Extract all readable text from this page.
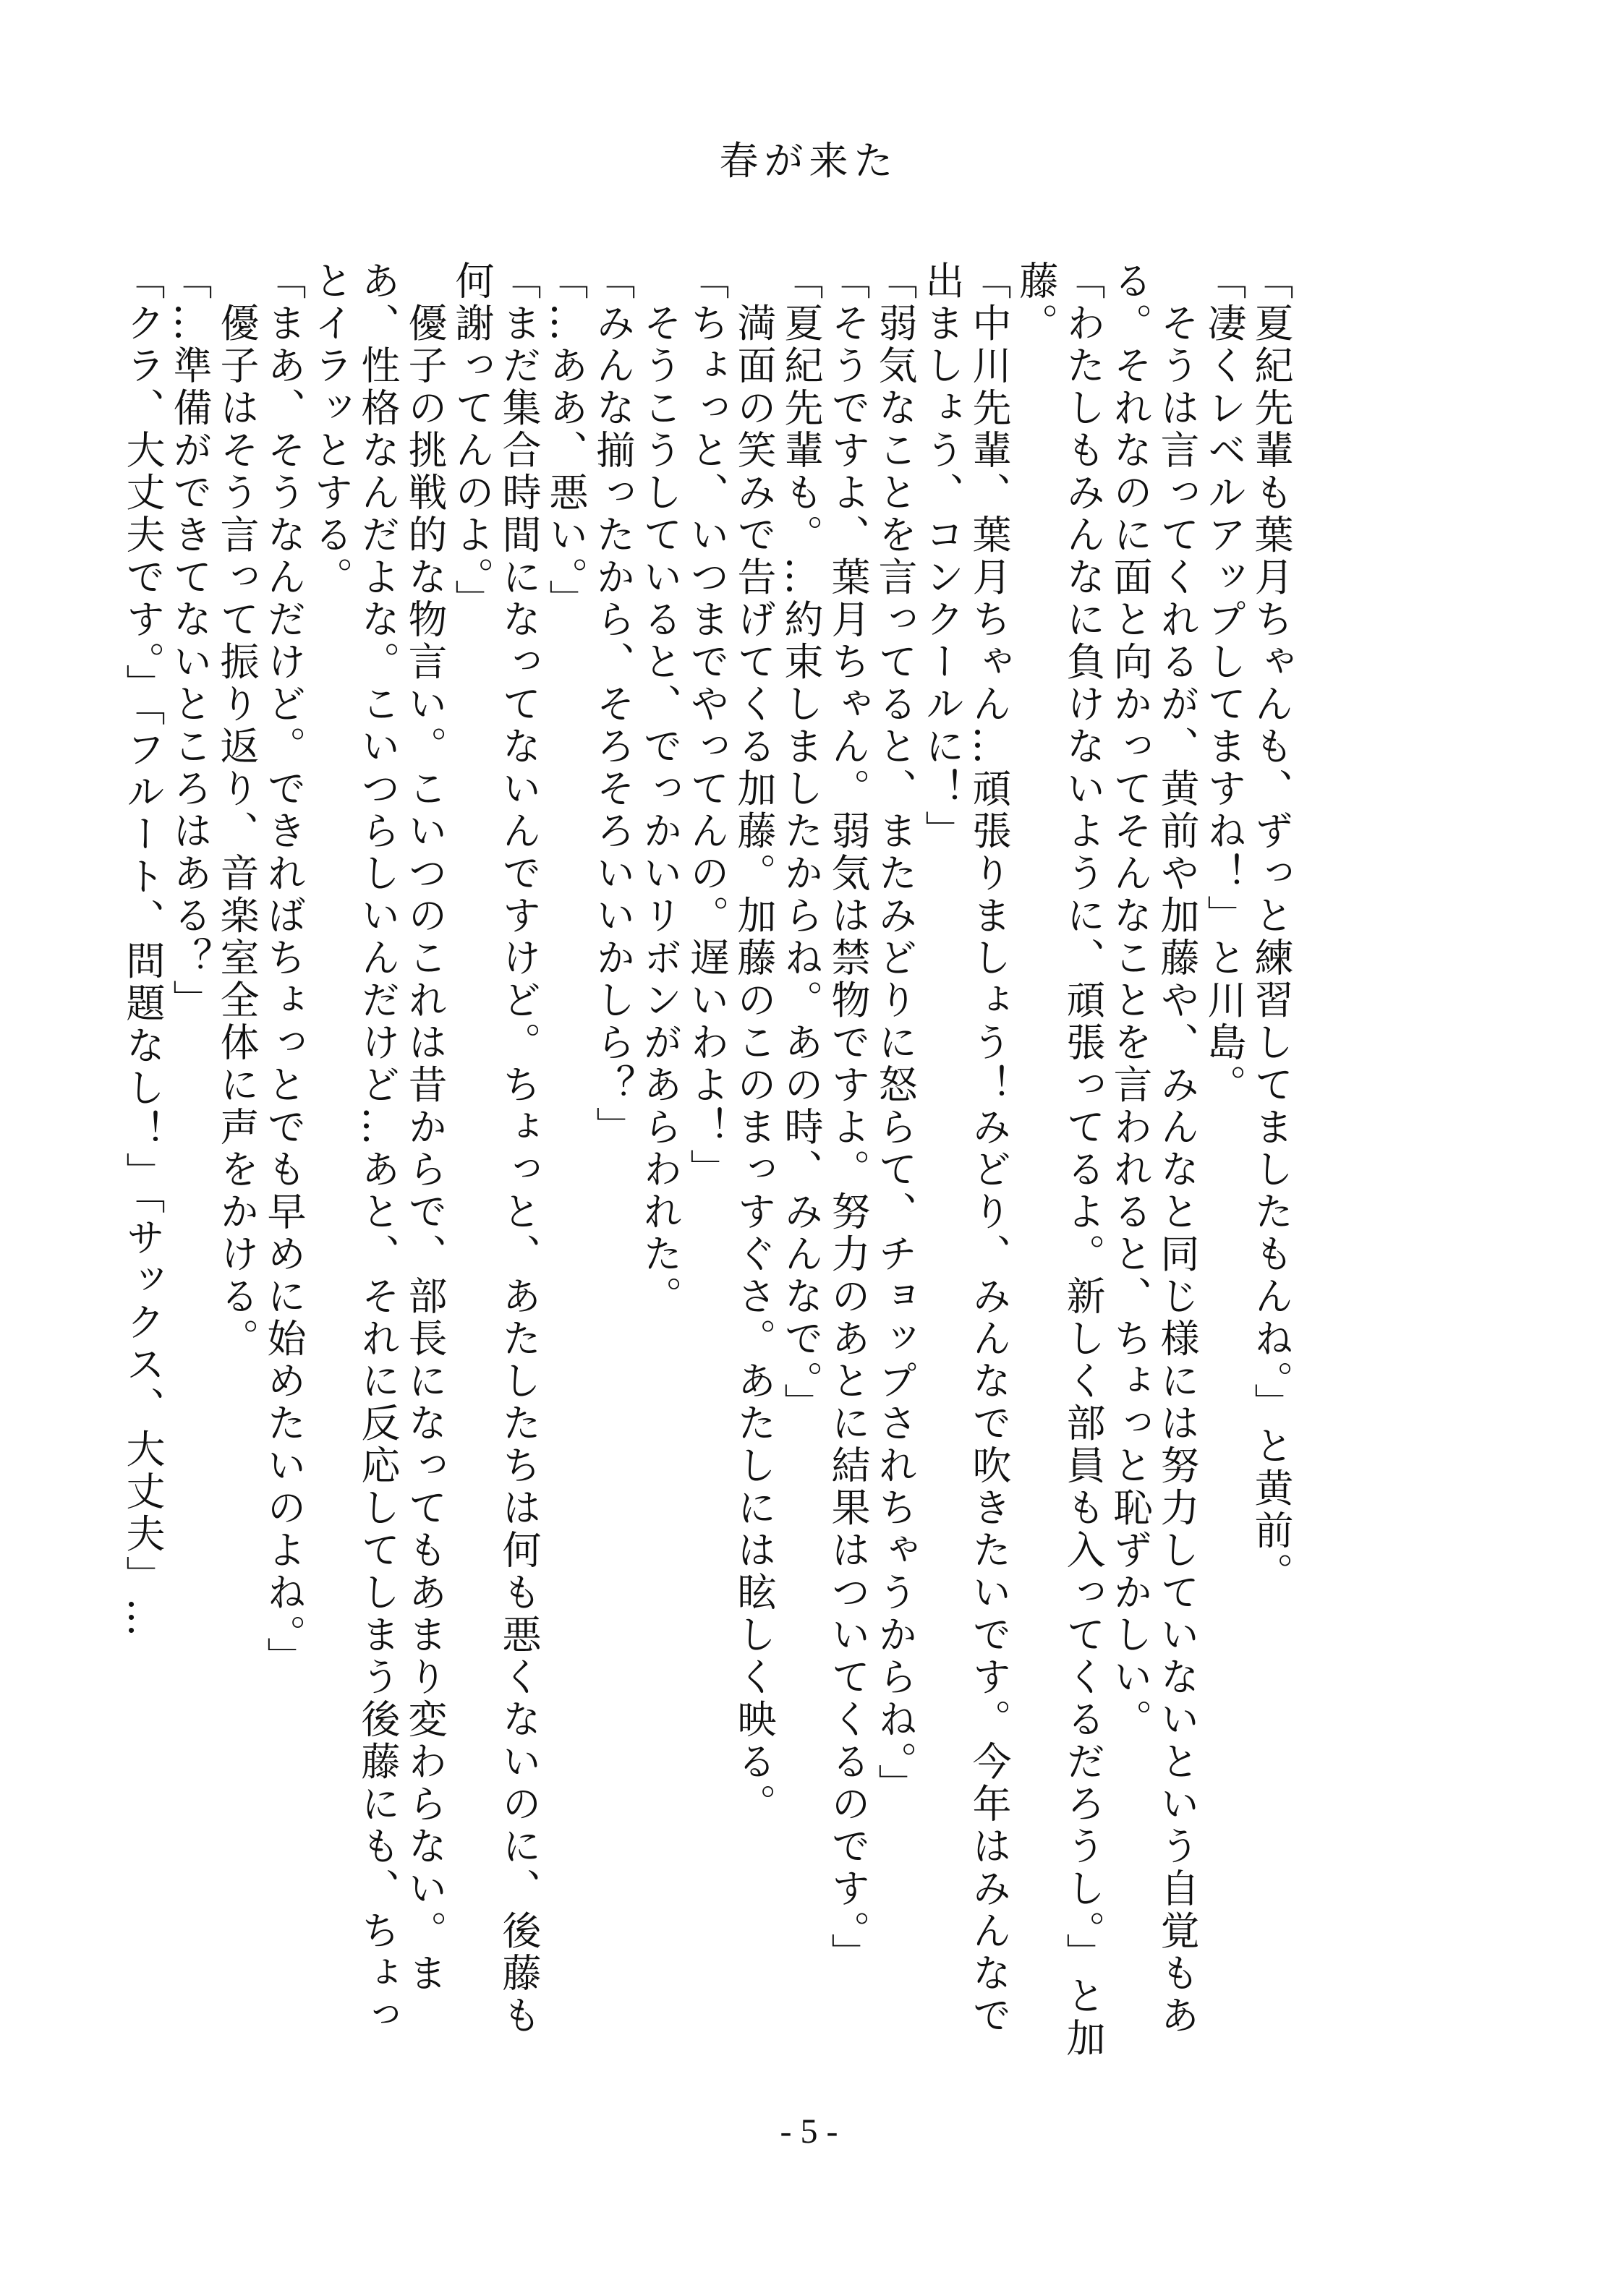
春が来た

「夏紀先輩も葉月ちゃんも、ずっと練習してましたもんね。」と黄前。

「凄くレベルアップしてますね！」と川島。

　そうは言ってくれるが、黄前や加藤や、みんなと同じ様には努力していないという自覚もある。それなのに面と向かってそんなことを言われると、ちょっと恥ずかしい。

「わたしもみんなに負けないように、頑張ってるよ。新しく部員も入ってくるだろうし。」と加藤。

「中川先輩、葉月ちゃん…頑張りましょう！みどり、みんなで吹きたいです。今年はみんなで出ましょう、コンクールに！」

「弱気なことを言ってると、またみどりに怒らて、チョップされちゃうからね。」

「そうですよ、葉月ちゃん。弱気は禁物ですよ。努力のあとに結果はついてくるのです。」

「夏紀先輩も。…約束しましたからね。あの時、みんなで。」

　満面の笑みで告げてくる加藤。加藤のこのまっすぐさ。あたしには眩しく映る。

「ちょっと、いつまでやってんの。遅いわよ！」

　そうこうしていると、でっかいリボンがあらわれた。

「みんな揃ったから、そろそろいいかしら？」

「…ああ、悪い。」

「まだ集合時間になってないんですけど。ちょっと、あたしたちは何も悪くないのに、後藤も何謝ってんのよ。」

　優子の挑戦的な物言い。こいつのこれは昔からで、部長になってもあまり変わらない。まあ、性格なんだよな。こいつらしいんだけど…あと、それに反応してしまう後藤にも、ちょっとイラッとする。

「まあ、そうなんだけど。できればちょっとでも早めに始めたいのよね。」

　優子はそう言って振り返り、音楽室全体に声をかける。

「…準備ができてないところはある？」

「クラ、大丈夫です。」「フルート、問題なし！」「サックス、大丈夫」…

- 5 -
